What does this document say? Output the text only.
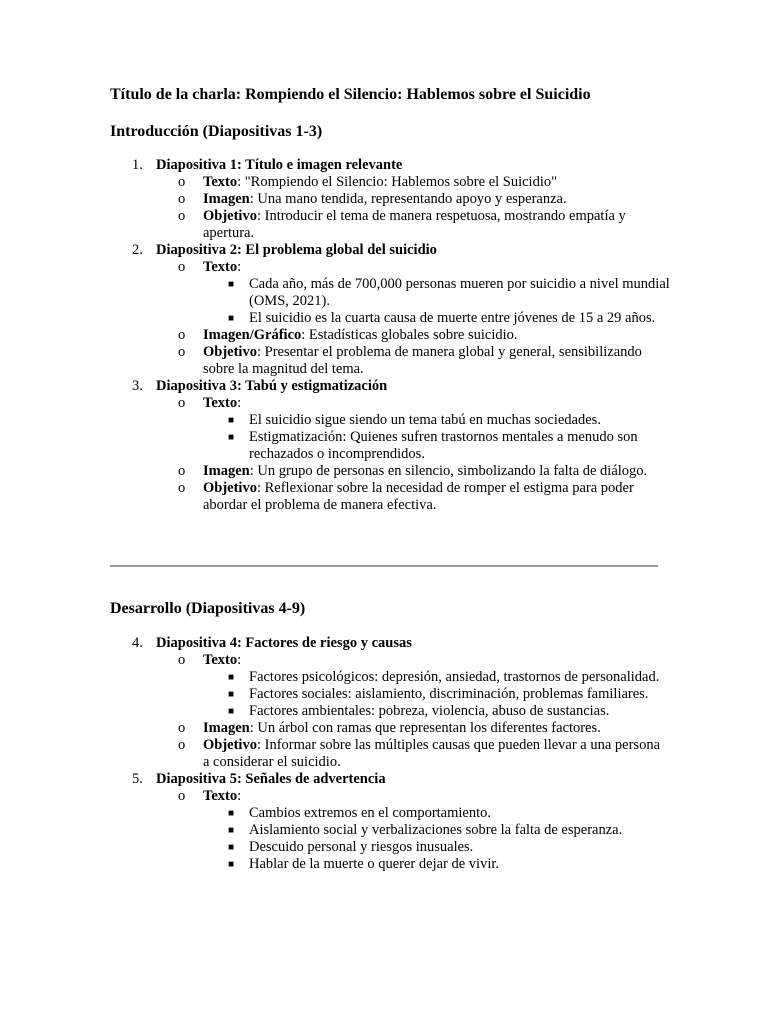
Título de la charla: Rompiendo el Silencio: Hablemos sobre el Suicidio
Introducción (Diapositivas 1-3)
1. Diapositiva 1: Título e imagen relevante
o Texto: "Rompiendo el Silencio: Hablemos sobre el Suicidio"
o Imagen: Una mano tendida, representando apoyo y esperanza.
o Objetivo: Introducir el tema de manera respetuosa, mostrando empatía y apertura.
2. Diapositiva 2: El problema global del suicidio
o Texto:
■ Cada año, más de 700,000 personas mueren por suicidio a nivel mundial (OMS, 2021).
■ El suicidio es la cuarta causa de muerte entre jóvenes de 15 a 29 años.
o Imagen/Gráfico: Estadísticas globales sobre suicidio.
o Objetivo: Presentar el problema de manera global y general, sensibilizando sobre la magnitud del tema.
3. Diapositiva 3: Tabú y estigmatización
o Texto:
■ El suicidio sigue siendo un tema tabú en muchas sociedades.
■ Estigmatización: Quienes sufren trastornos mentales a menudo son rechazados o incomprendidos.
o Imagen: Un grupo de personas en silencio, simbolizando la falta de diálogo.
o Objetivo: Reflexionar sobre la necesidad de romper el estigma para poder abordar el problema de manera efectiva.
Desarrollo (Diapositivas 4-9)
4. Diapositiva 4: Factores de riesgo y causas
o Texto:
■ Factores psicológicos: depresión, ansiedad, trastornos de personalidad.
■ Factores sociales: aislamiento, discriminación, problemas familiares.
■ Factores ambientales: pobreza, violencia, abuso de sustancias.
o Imagen: Un árbol con ramas que representan los diferentes factores.
o Objetivo: Informar sobre las múltiples causas que pueden llevar a una persona a considerar el suicidio.
5. Diapositiva 5: Señales de advertencia
o Texto:
■ Cambios extremos en el comportamiento.
■ Aislamiento social y verbalizaciones sobre la falta de esperanza.
■ Descuido personal y riesgos inusuales.
■ Hablar de la muerte o querer dejar de vivir.
